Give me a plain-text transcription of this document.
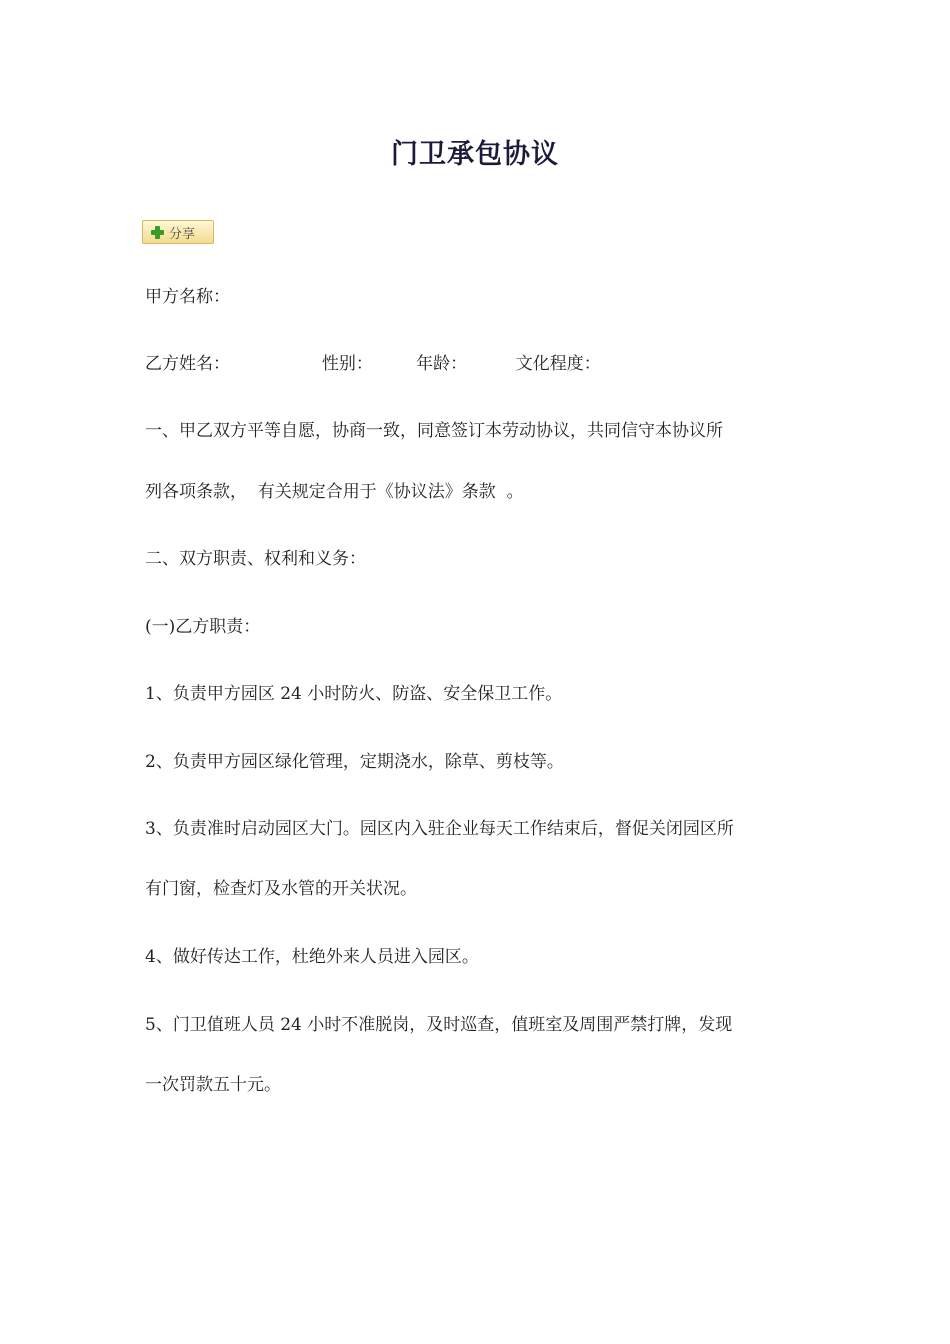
门卫承包协议
分享
甲方名称：
乙方姓名：                 性别：        年龄：         文化程度：
一、甲乙双方平等自愿，协商一致，同意签订本劳动协议，共同信守本协议所
列各项条款，  有关规定合用于《协议法》条款  。
二、双方职责、权利和义务：
(一)乙方职责：
1、负责甲方园区 24 小时防火、防盗、安全保卫工作。
2、负责甲方园区绿化管理，定期浇水，除草、剪枝等。
3、负责准时启动园区大门。园区内入驻企业每天工作结束后，督促关闭园区所
有门窗，检查灯及水管的开关状况。
4、做好传达工作，杜绝外来人员进入园区。
5、门卫值班人员 24 小时不准脱岗，及时巡查，值班室及周围严禁打牌，发现
一次罚款五十元。
